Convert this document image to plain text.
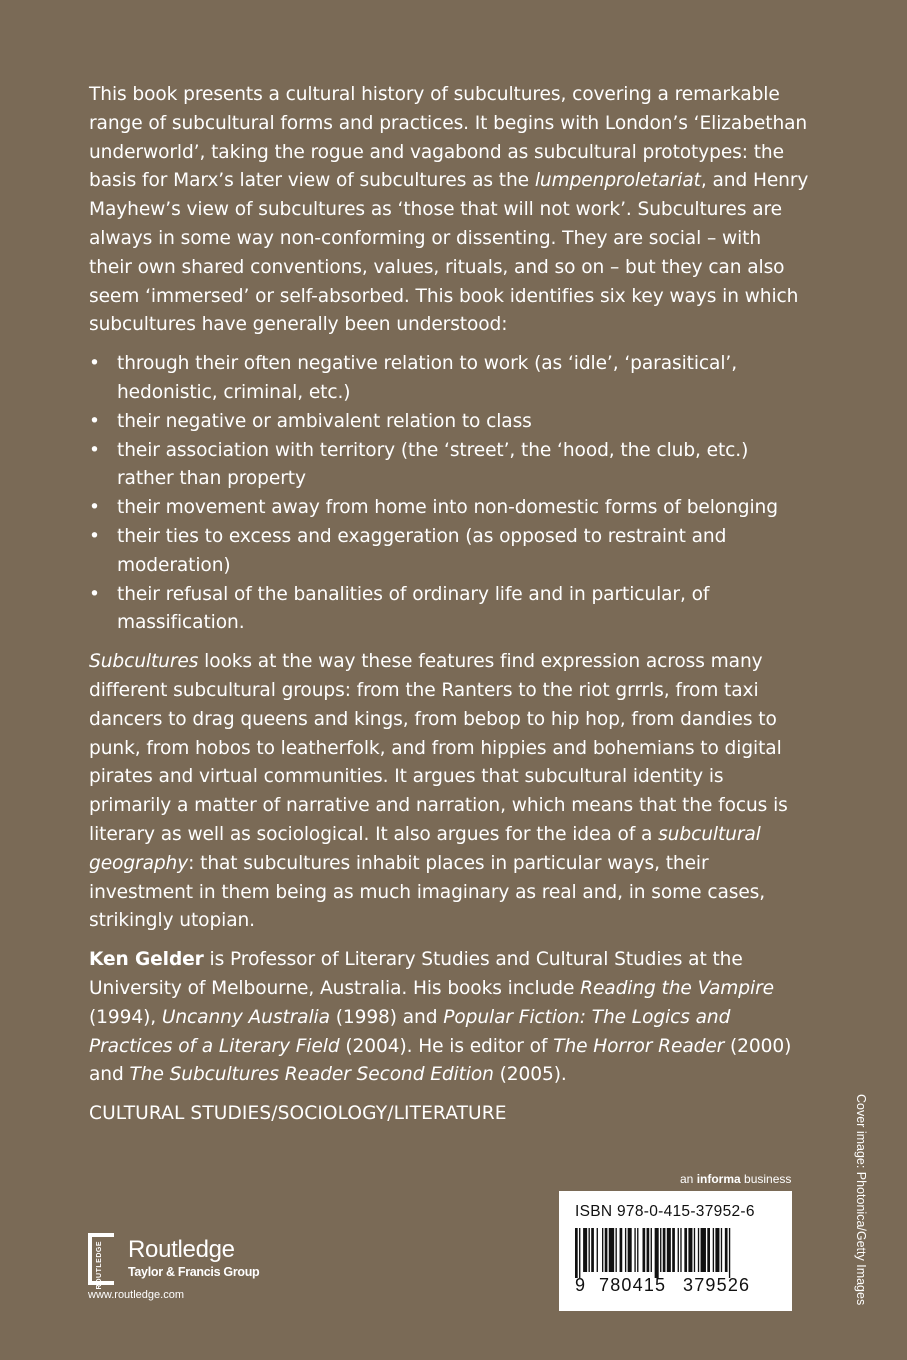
This book presents a cultural history of subcultures, covering a remarkable range of subcultural forms and practices. It begins with London’s ‘Elizabethan underworld’, taking the rogue and vagabond as subcultural prototypes: the basis for Marx’s later view of subcultures as the lumpenproletariat, and Henry Mayhew’s view of subcultures as ‘those that will not work’. Subcultures are always in some way non-conforming or dissenting. They are social – with their own shared conventions, values, rituals, and so on – but they can also seem ‘immersed’ or self-absorbed. This book identifies six key ways in which subcultures have generally been understood:

• through their often negative relation to work (as ‘idle’, ‘parasitical’, hedonistic, criminal, etc.)
• their negative or ambivalent relation to class
• their association with territory (the ‘street’, the ‘hood, the club, etc.) rather than property
• their movement away from home into non-domestic forms of belonging
• their ties to excess and exaggeration (as opposed to restraint and moderation)
• their refusal of the banalities of ordinary life and in particular, of massification.

Subcultures looks at the way these features find expression across many different subcultural groups: from the Ranters to the riot grrrls, from taxi dancers to drag queens and kings, from bebop to hip hop, from dandies to punk, from hobos to leatherfolk, and from hippies and bohemians to digital pirates and virtual communities. It argues that subcultural identity is primarily a matter of narrative and narration, which means that the focus is literary as well as sociological. It also argues for the idea of a subcultural geography: that subcultures inhabit places in particular ways, their investment in them being as much imaginary as real and, in some cases, strikingly utopian.

Ken Gelder is Professor of Literary Studies and Cultural Studies at the University of Melbourne, Australia. His books include Reading the Vampire (1994), Uncanny Australia (1998) and Popular Fiction: The Logics and Practices of a Literary Field (2004). He is editor of The Horror Reader (2000) and The Subcultures Reader Second Edition (2005).

CULTURAL STUDIES/SOCIOLOGY/LITERATURE
ROUTLEDGE Routledge
Taylor & Francis Group
www.routledge.com
an informa business
ISBN 978-0-415-37952-6
9 780415 379526	Cover image: Photonica/Getty Images
